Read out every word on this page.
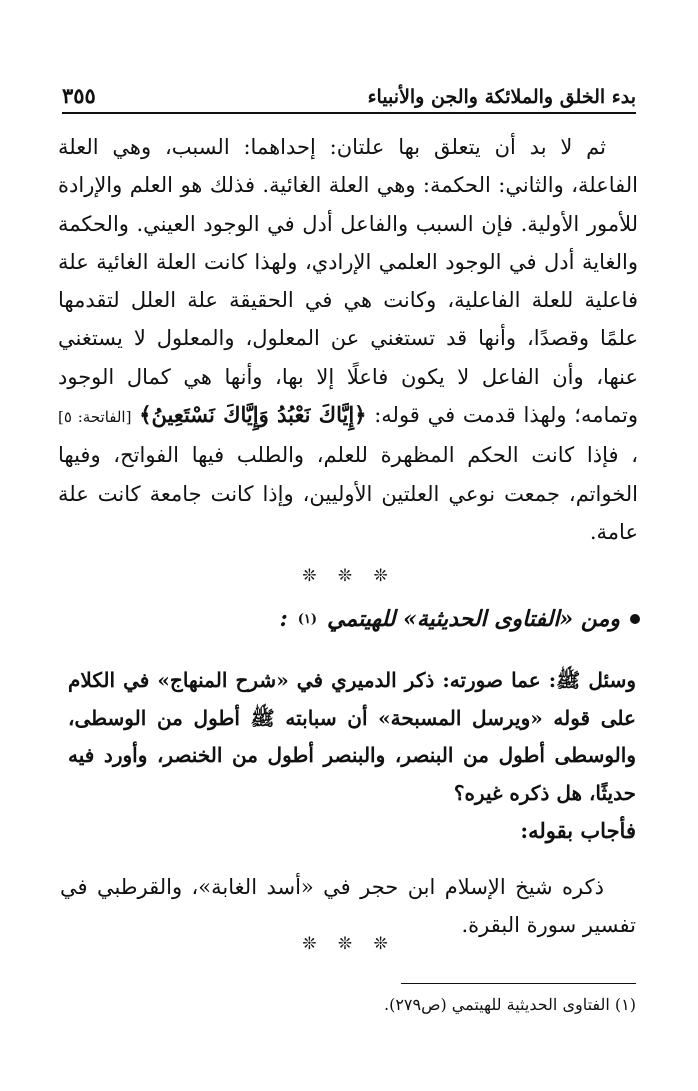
بدء الخلق والملائكة والجن والأنبياء
٣٥٥

ثم لا بد أن يتعلق بها علتان: إحداهما: السبب، وهي العلة الفاعلة، والثاني: الحكمة: وهي العلة الغائية. فذلك هو العلم والإرادة للأمور الأولية. فإن السبب والفاعل أدل في الوجود العيني. والحكمة والغاية أدل في الوجود العلمي الإرادي، ولهذا كانت العلة الغائية علة فاعلية للعلة الفاعلية، وكانت هي في الحقيقة علة العلل لتقدمها علمًا وقصدًا، وأنها قد تستغني عن المعلول، والمعلول لا يستغني عنها، وأن الفاعل لا يكون فاعلًا إلا بها، وأنها هي كمال الوجود وتمامه؛ ولهذا قدمت في قوله: ﴿إِيَّاكَ نَعْبُدُ وَإِيَّاكَ نَسْتَعِينُ﴾ [الفاتحة: ٥] ، فإذا كانت الحكم المظهرة للعلم، والطلب فيها الفواتح، وفيها الخواتم، جمعت نوعي العلتين الأوليين، وإذا كانت جامعة كانت علة عامة.

❊ ❊ ❊
ومن «الفتاوى الحديثية» للهيتمي
(١)
:
وسئل ﷺ: عما صورته: ذكر الدميري في «شرح المنهاج» في الكلام على قوله «ويرسل المسبحة» أن سبابته ﷺ أطول من الوسطى، والوسطى أطول من البنصر، والبنصر أطول من الخنصر، وأورد فيه حديثًا، هل ذكره غيره؟
فأجاب بقوله:

ذكره شيخ الإسلام ابن حجر في «أسد الغابة»، والقرطبي في تفسير سورة البقرة.

❊ ❊ ❊
(١) الفتاوى الحديثية للهيتمي (ص٢٧٩).
